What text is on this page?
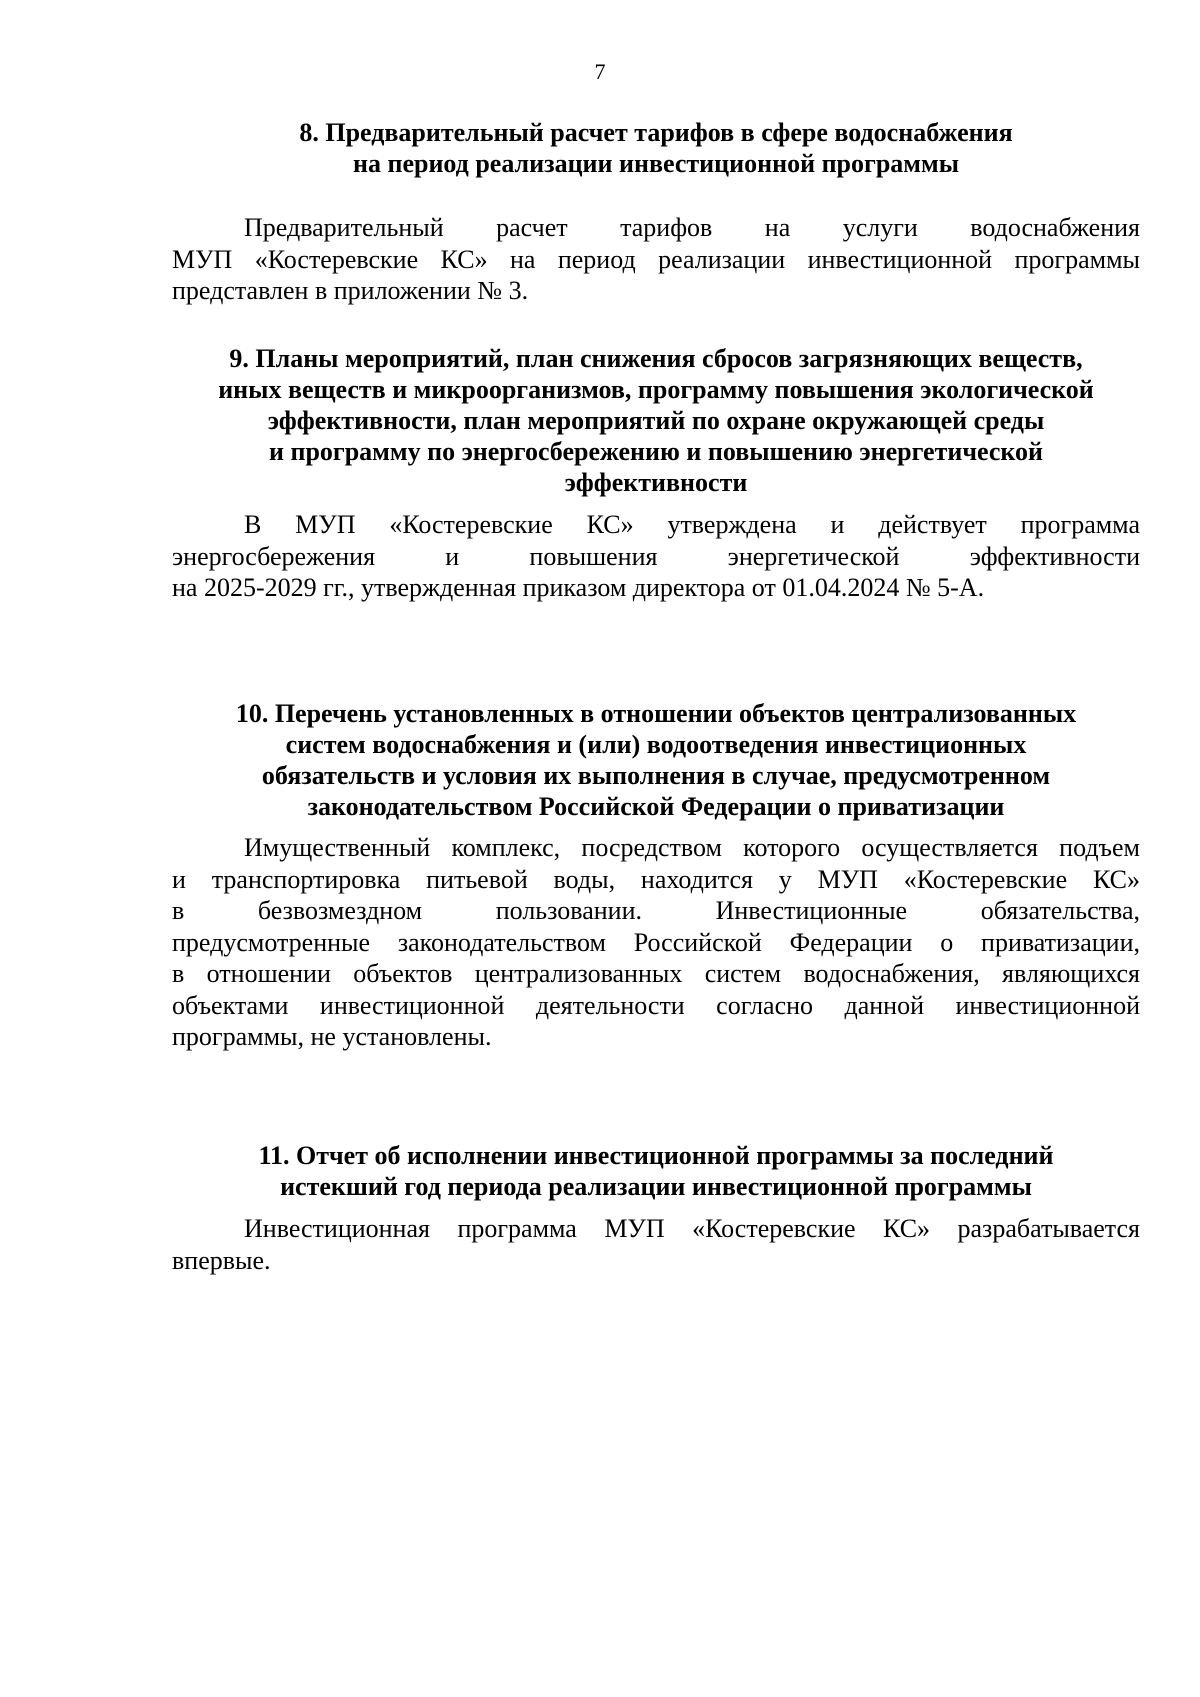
7
8. Предварительный расчет тарифов в сфере водоснабжения
на период реализации инвестиционной программы
Предварительный расчет тарифов на услуги водоснабжения
МУП «Костеревские КС» на период реализации инвестиционной программы
представлен в приложении № 3.
9. Планы мероприятий, план снижения сбросов загрязняющих веществ,
иных веществ и микроорганизмов, программу повышения экологической
эффективности, план мероприятий по охране окружающей среды
и программу по энергосбережению и повышению энергетической
эффективности
В МУП «Костеревские КС» утверждена и действует программа
энергосбережения и повышения энергетической эффективности
на 2025-2029 гг., утвержденная приказом директора от 01.04.2024 № 5-А.
10. Перечень установленных в отношении объектов централизованных
систем водоснабжения и (или) водоотведения инвестиционных
обязательств и условия их выполнения в случае, предусмотренном
законодательством Российской Федерации о приватизации
Имущественный комплекс, посредством которого осуществляется подъем
и транспортировка питьевой воды, находится у МУП «Костеревские КС»
в безвозмездном пользовании. Инвестиционные обязательства,
предусмотренные законодательством Российской Федерации о приватизации,
в отношении объектов централизованных систем водоснабжения, являющихся
объектами инвестиционной деятельности согласно данной инвестиционной
программы, не установлены.
11. Отчет об исполнении инвестиционной программы за последний
истекший год периода реализации инвестиционной программы
Инвестиционная программа МУП «Костеревские КС» разрабатывается
впервые.
